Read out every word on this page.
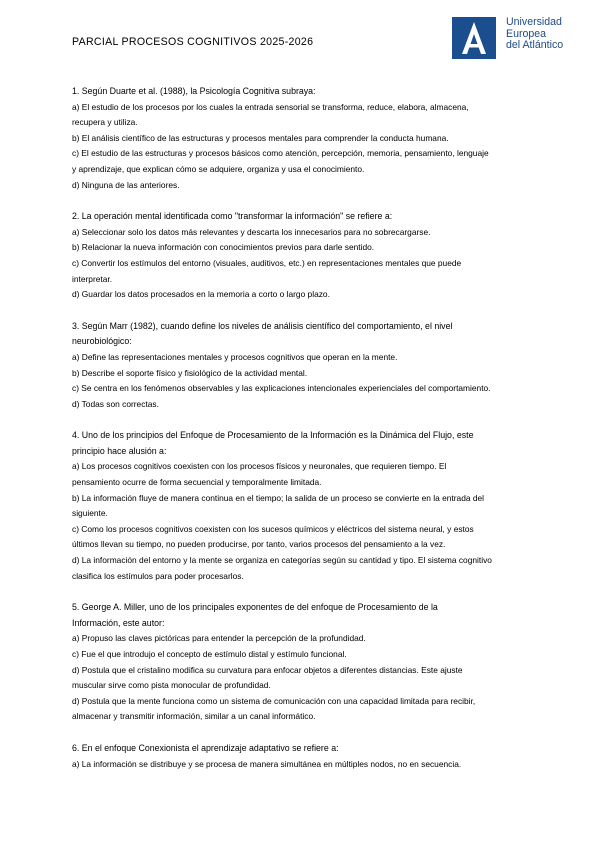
PARCIAL PROCESOS COGNITIVOS 2025-2026
Universidad
Europea
del Atlántico
1. Según Duarte et al. (1988), la Psicología Cognitiva subraya:
a) El estudio de los procesos por los cuales la entrada sensorial se transforma, reduce, elabora, almacena,
recupera y utiliza.
b) El análisis científico de las estructuras y procesos mentales para comprender la conducta humana.
c) El estudio de las estructuras y procesos básicos como atención, percepción, memoria, pensamiento, lenguaje
y aprendizaje, que explican cómo se adquiere, organiza y usa el conocimiento.
d) Ninguna de las anteriores.
2. La operación mental identificada como "transformar la información" se refiere a:
a) Seleccionar solo los datos más relevantes y descarta los innecesarios para no sobrecargarse.
b) Relacionar la nueva información con conocimientos previos para darle sentido.
c) Convertir los estímulos del entorno (visuales, auditivos, etc.) en representaciones mentales que puede
interpretar.
d) Guardar los datos procesados en la memoria a corto o largo plazo.
3. Según Marr (1982), cuando define los niveles de análisis científico del comportamiento, el nivel
neurobiológico:
a) Define las representaciones mentales y procesos cognitivos que operan en la mente.
b) Describe el soporte físico y fisiológico de la actividad mental.
c) Se centra en los fenómenos observables y las explicaciones intencionales experienciales del comportamiento.
d) Todas son correctas.
4. Uno de los principios del Enfoque de Procesamiento de la Información es la Dinámica del Flujo, este
principio hace alusión a:
a) Los procesos cognitivos coexisten con los procesos físicos y neuronales, que requieren tiempo. El
pensamiento ocurre de forma secuencial y temporalmente limitada.
b) La información fluye de manera continua en el tiempo; la salida de un proceso se convierte en la entrada del
siguiente.
c) Como los procesos cognitivos coexisten con los sucesos químicos y eléctricos del sistema neural, y estos
últimos llevan su tiempo, no pueden producirse, por tanto, varios procesos del pensamiento a la vez.
d) La información del entorno y la mente se organiza en categorías según su cantidad y tipo. El sistema cognitivo
clasifica los estímulos para poder procesarlos.
5. George A. Miller, uno de los principales exponentes de del enfoque de Procesamiento de la
Información, este autor:
a) Propuso las claves pictóricas para entender la percepción de la profundidad.
c) Fue el que introdujo el concepto de estímulo distal y estímulo funcional.
d) Postula que el cristalino modifica su curvatura para enfocar objetos a diferentes distancias. Este ajuste
muscular sirve como pista monocular de profundidad.
d) Postula que la mente funciona como un sistema de comunicación con una capacidad limitada para recibir,
almacenar y transmitir información, similar a un canal informático.
6. En el enfoque Conexionista el aprendizaje adaptativo se refiere a:
a) La información se distribuye y se procesa de manera simultánea en múltiples nodos, no en secuencia.
